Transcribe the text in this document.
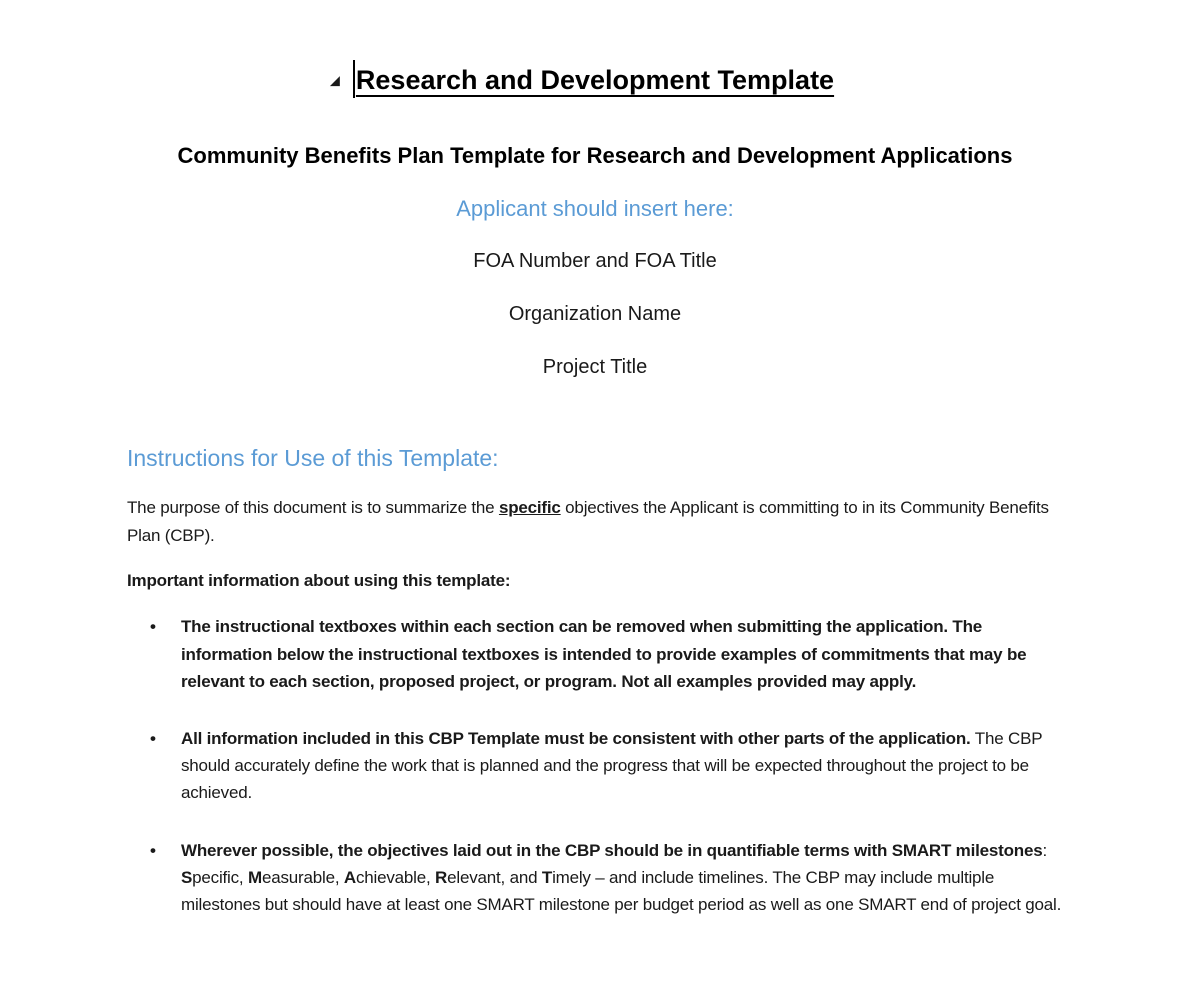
◢ Research and Development Template

Community Benefits Plan Template for Research and Development Applications

Applicant should insert here:

FOA Number and FOA Title

Organization Name

Project Title

Instructions for Use of this Template:

The purpose of this document is to summarize the specific objectives the Applicant is committing to in its Community Benefits Plan (CBP).

Important information about using this template:

•	The instructional textboxes within each section can be removed when submitting the application. The information below the instructional textboxes is intended to provide examples of commitments that may be relevant to each section, proposed project, or program. Not all examples provided may apply.
•	All information included in this CBP Template must be consistent with other parts of the application. The CBP should accurately define the work that is planned and the progress that will be expected throughout the project to be achieved.
•	Wherever possible, the objectives laid out in the CBP should be in quantifiable terms with SMART milestones: Specific, Measurable, Achievable, Relevant, and Timely – and include timelines. The CBP may include multiple milestones but should have at least one SMART milestone per budget period as well as one SMART end of project goal.
